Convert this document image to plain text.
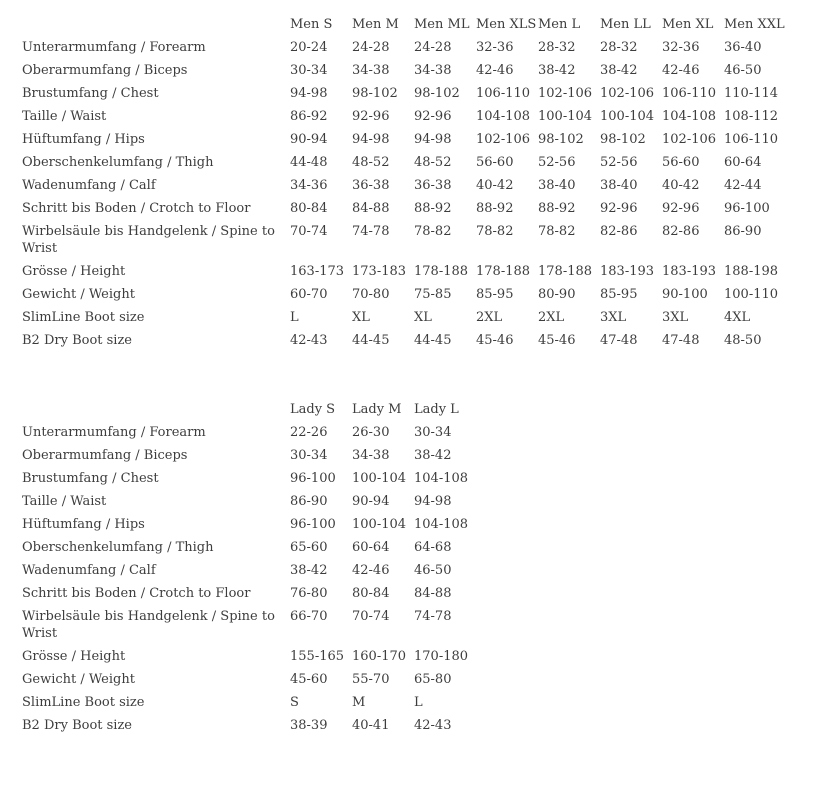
	Men S	Men M	Men ML	Men XLS	Men L	Men LL	Men XL	Men XXL
Unterarmumfang / Forearm	20-24	24-28	24-28	32-36	28-32	28-32	32-36	36-40
Oberarmumfang / Biceps	30-34	34-38	34-38	42-46	38-42	38-42	42-46	46-50
Brustumfang / Chest	94-98	98-102	98-102	106-110	102-106	102-106	106-110	110-114
Taille / Waist	86-92	92-96	92-96	104-108	100-104	100-104	104-108	108-112
Hüftumfang / Hips	90-94	94-98	94-98	102-106	98-102	98-102	102-106	106-110
Oberschenkelumfang / Thigh	44-48	48-52	48-52	56-60	52-56	52-56	56-60	60-64
Wadenumfang / Calf	34-36	36-38	36-38	40-42	38-40	38-40	40-42	42-44
Schritt bis Boden / Crotch to Floor	80-84	84-88	88-92	88-92	88-92	92-96	92-96	96-100
Wirbelsäule bis Handgelenk / Spine to Wrist	70-74	74-78	78-82	78-82	78-82	82-86	82-86	86-90
Grösse / Height	163-173	173-183	178-188	178-188	178-188	183-193	183-193	188-198
Gewicht / Weight	60-70	70-80	75-85	85-95	80-90	85-95	90-100	100-110
SlimLine Boot size	L	XL	XL	2XL	2XL	3XL	3XL	4XL
B2 Dry Boot size	42-43	44-45	44-45	45-46	45-46	47-48	47-48	48-50
	Lady S	Lady M	Lady L
Unterarmumfang / Forearm	22-26	26-30	30-34
Oberarmumfang / Biceps	30-34	34-38	38-42
Brustumfang / Chest	96-100	100-104	104-108
Taille / Waist	86-90	90-94	94-98
Hüftumfang / Hips	96-100	100-104	104-108
Oberschenkelumfang / Thigh	65-60	60-64	64-68
Wadenumfang / Calf	38-42	42-46	46-50
Schritt bis Boden / Crotch to Floor	76-80	80-84	84-88
Wirbelsäule bis Handgelenk / Spine to Wrist	66-70	70-74	74-78
Grösse / Height	155-165	160-170	170-180
Gewicht / Weight	45-60	55-70	65-80
SlimLine Boot size	S	M	L
B2 Dry Boot size	38-39	40-41	42-43
